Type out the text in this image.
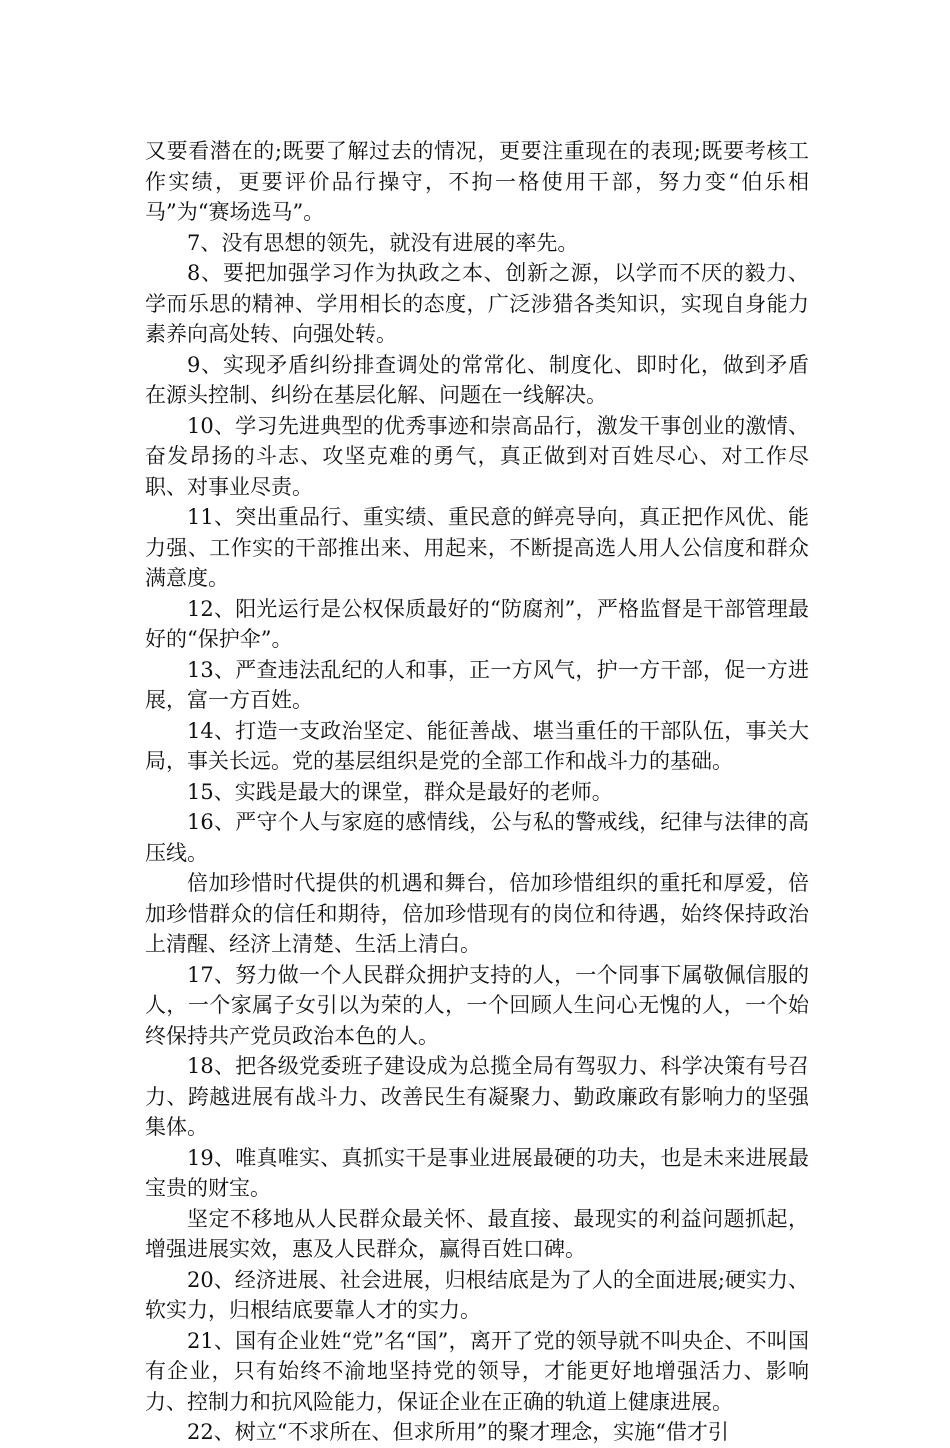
又要看潜在的;既要了解过去的情况，更要注重现在的表现;既要考核工作实绩，更要评价品行操守，不拘一格使用干部，努力变“伯乐相马”为“赛场选马”。

7、没有思想的领先，就没有进展的率先。

8、要把加强学习作为执政之本、创新之源，以学而不厌的毅力、学而乐思的精神、学用相长的态度，广泛涉猎各类知识，实现自身能力素养向高处转、向强处转。

9、实现矛盾纠纷排查调处的常常化、制度化、即时化，做到矛盾在源头控制、纠纷在基层化解、问题在一线解决。

10、学习先进典型的优秀事迹和崇高品行，激发干事创业的激情、奋发昂扬的斗志、攻坚克难的勇气，真正做到对百姓尽心、对工作尽职、对事业尽责。

11、突出重品行、重实绩、重民意的鲜亮导向，真正把作风优、能力强、工作实的干部推出来、用起来，不断提高选人用人公信度和群众满意度。

12、阳光运行是公权保质最好的“防腐剂”，严格监督是干部管理最好的“保护伞”。

13、严查违法乱纪的人和事，正一方风气，护一方干部，促一方进展，富一方百姓。

14、打造一支政治坚定、能征善战、堪当重任的干部队伍，事关大局，事关长远。党的基层组织是党的全部工作和战斗力的基础。

15、实践是最大的课堂，群众是最好的老师。

16、严守个人与家庭的感情线，公与私的警戒线，纪律与法律的高压线。

倍加珍惜时代提供的机遇和舞台，倍加珍惜组织的重托和厚爱，倍加珍惜群众的信任和期待，倍加珍惜现有的岗位和待遇，始终保持政治上清醒、经济上清楚、生活上清白。

17、努力做一个人民群众拥护支持的人，一个同事下属敬佩信服的人，一个家属子女引以为荣的人，一个回顾人生问心无愧的人，一个始终保持共产党员政治本色的人。

18、把各级党委班子建设成为总揽全局有驾驭力、科学决策有号召力、跨越进展有战斗力、改善民生有凝聚力、勤政廉政有影响力的坚强集体。

19、唯真唯实、真抓实干是事业进展最硬的功夫，也是未来进展最宝贵的财宝。

坚定不移地从人民群众最关怀、最直接、最现实的利益问题抓起，增强进展实效，惠及人民群众，赢得百姓口碑。

20、经济进展、社会进展，归根结底是为了人的全面进展;硬实力、软实力，归根结底要靠人才的实力。

21、国有企业姓“党”名“国”，离开了党的领导就不叫央企、不叫国有企业，只有始终不渝地坚持党的领导，才能更好地增强活力、影响力、控制力和抗风险能力，保证企业在正确的轨道上健康进展。

22、树立“不求所在、但求所用”的聚才理念，实施“借才引
